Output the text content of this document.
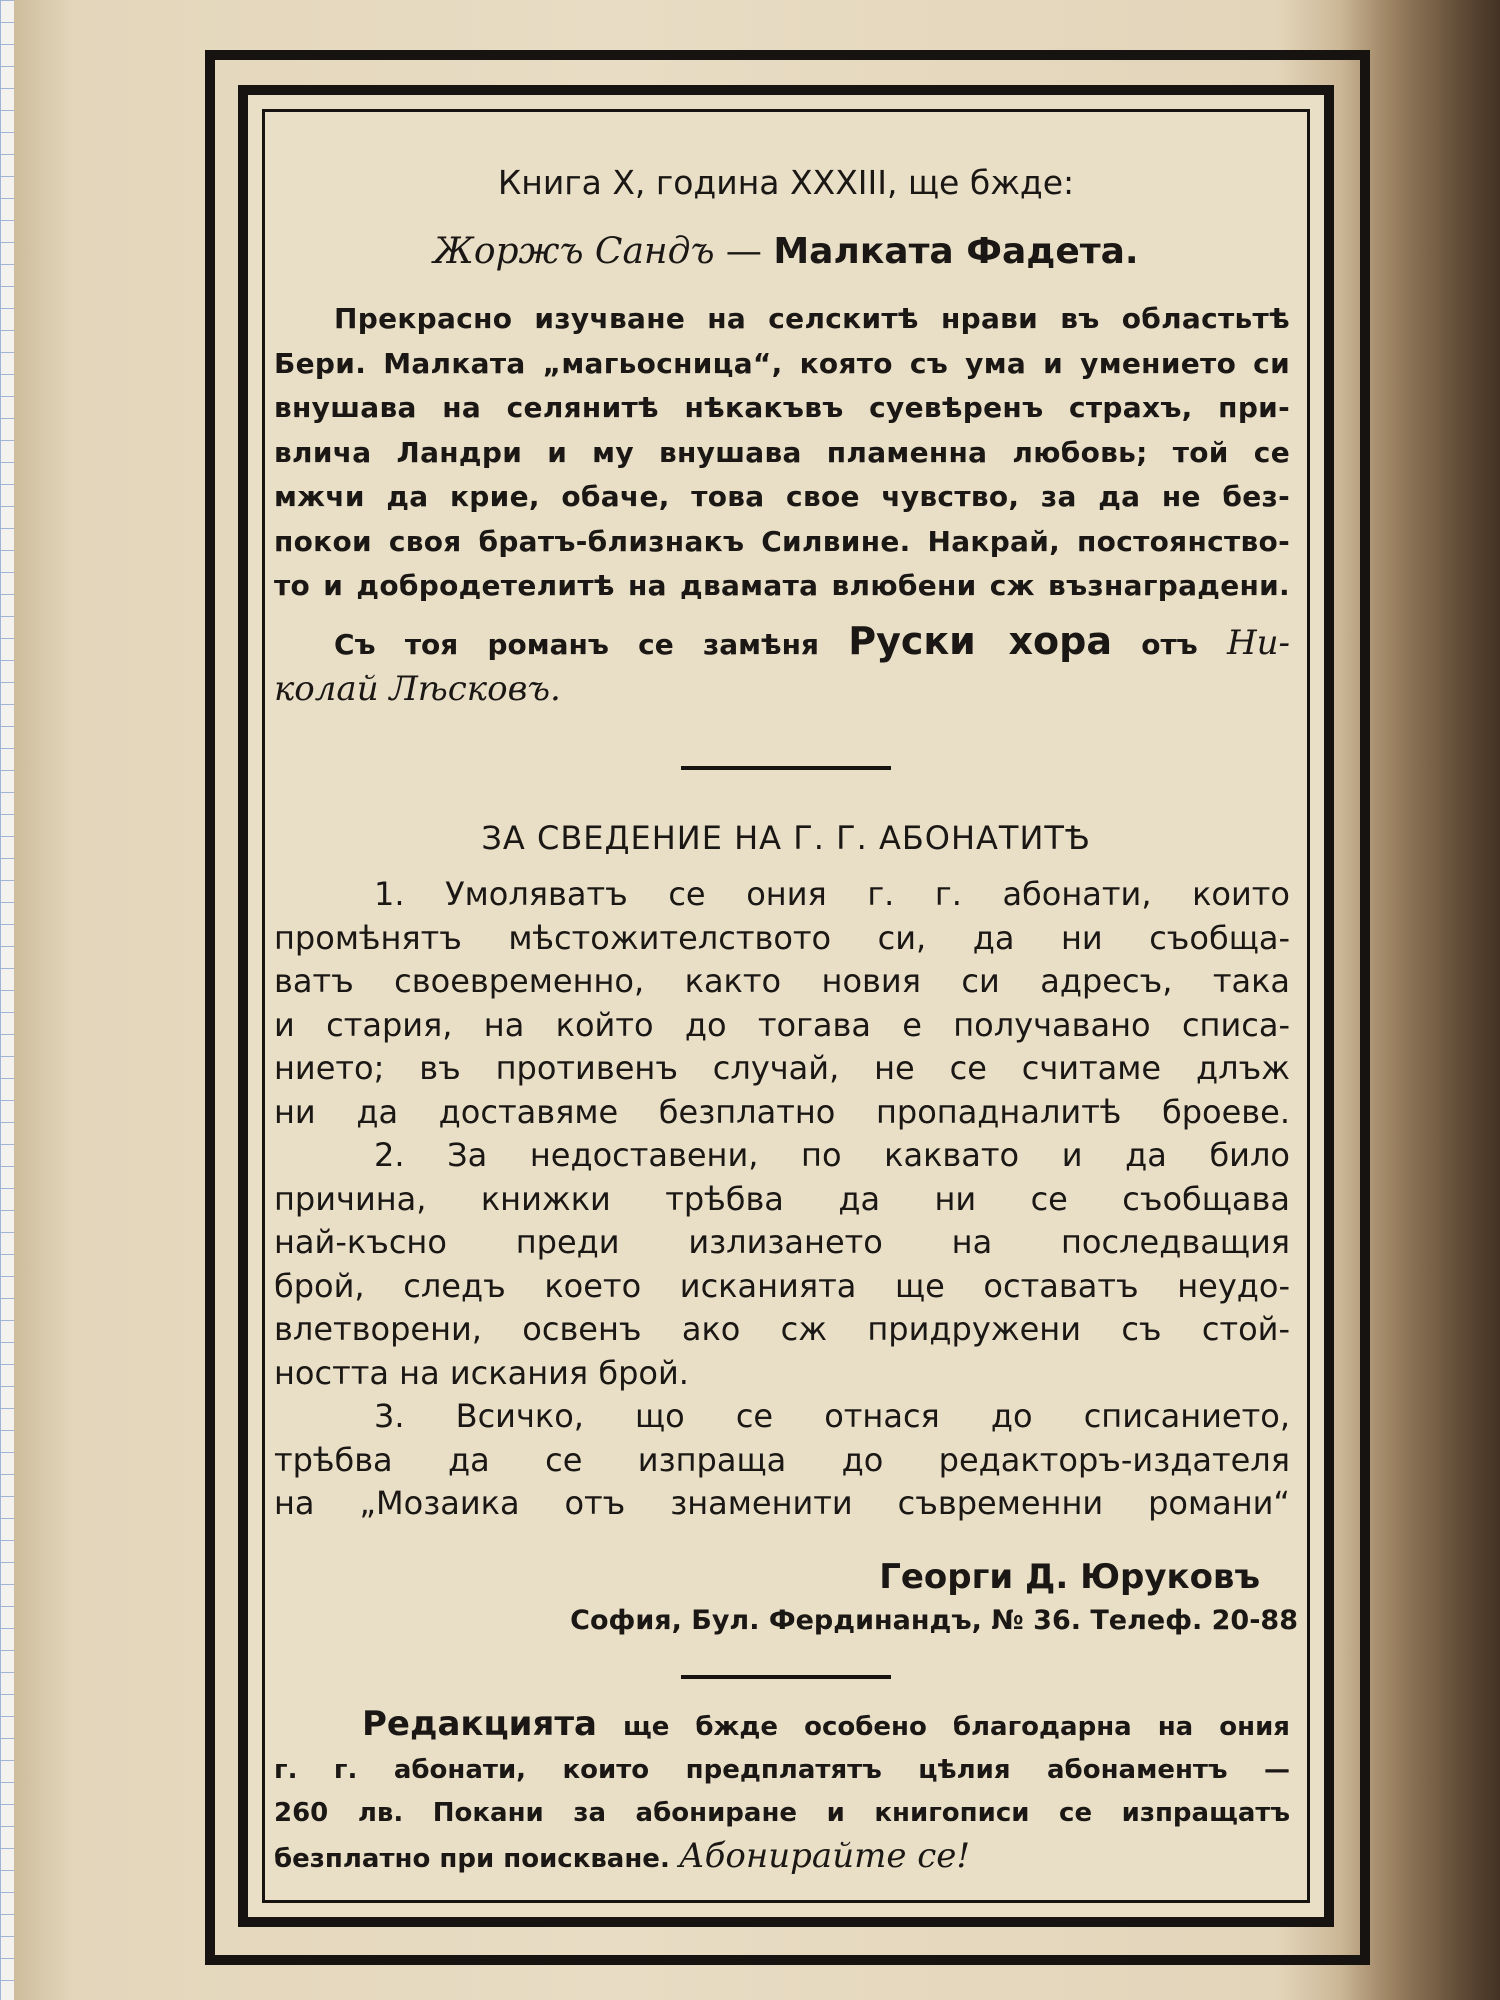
Книга X, година XXXIII, ще бжде:
Жоржъ Сандъ — Малката Фадета.
Прекрасно изучване на селскитѣ нрави въ областьтѣ
Бери. Малката „магьосница“, която съ ума и умението си
внушава на селянитѣ нѣкакъвъ суевѣренъ страхъ, при-
влича Ландри и му внушава пламенна любовь; той се
мжчи да крие, обаче, това свое чувство, за да не без-
покои своя братъ-близнакъ Силвине. Накрай, постоянство-
то и добродетелитѣ на двамата влюбени сж възнаградени.
Съ тоя романъ се замѣня Руски хора отъ Ни-
колай Лѣсковъ.
ЗА СВЕДЕНИЕ НА Г. Г. АБОНАТИТѢ
1. Умоляватъ се ония г. г. абонати, които
промѣнятъ мѣстожителството си, да ни съобща-
ватъ своевременно, както новия си адресъ, така
и стария, на който до тогава е получавано списа-
нието; въ противенъ случай, не се считаме длъж
ни да доставяме безплатно пропадналитѣ броеве.
2. За недоставени, по каквато и да било
причина, книжки трѣбва да ни се съобщава
най-късно преди излизането на последващия
брой, следъ което исканията ще оставатъ неудо-
влетворени, освенъ ако сж придружени съ стой-
ността на искания брой.
3. Всичко, що се отнася до списанието,
трѣбва да се изпраща до редакторъ-издателя
на „Мозаика отъ знаменити съвременни романи“
Георги Д. Юруковъ
София, Бул. Фердинандъ, № 36. Телеф. 20-88
Редакцията ще бжде особено благодарна на ония
г. г. абонати, които предплатятъ цѣлия абонаментъ —
260 лв. Покани за абониране и книгописи се изпращатъ
безплатно при поискване. Абонирайте се!
